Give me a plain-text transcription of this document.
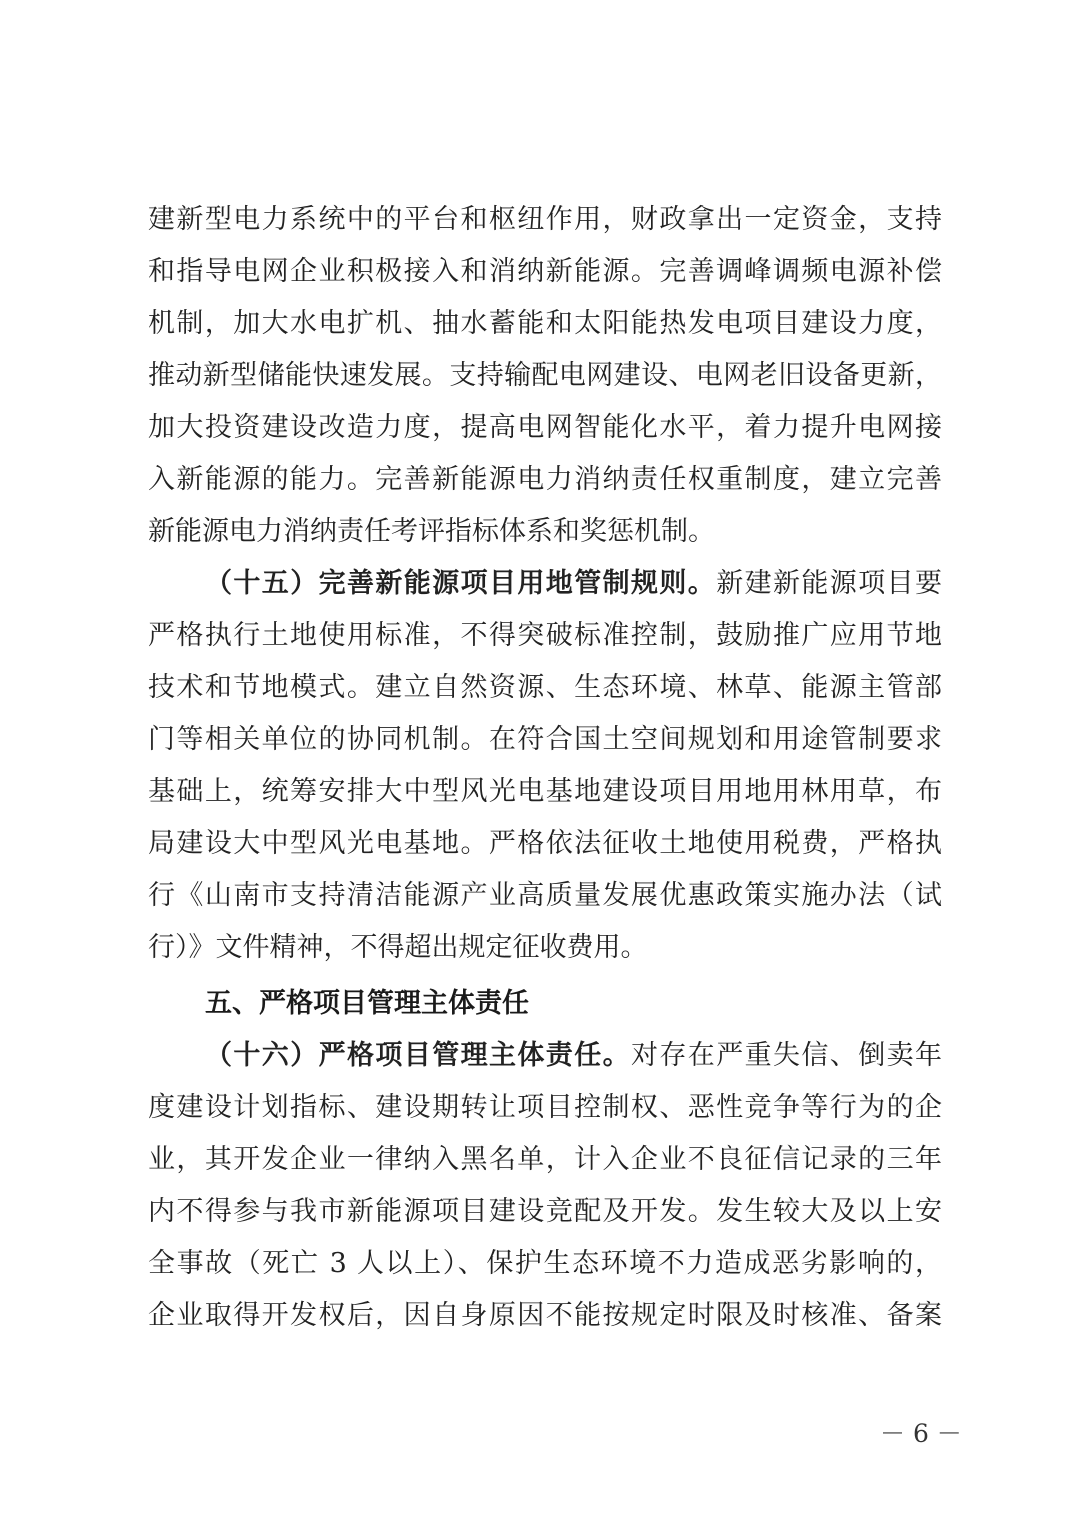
建新型电力系统中的平台和枢纽作用，财政拿出一定资金，支持
和指导电网企业积极接入和消纳新能源。完善调峰调频电源补偿
机制，加大水电扩机、抽水蓄能和太阳能热发电项目建设力度，
推动新型储能快速发展。支持输配电网建设、电网老旧设备更新，
加大投资建设改造力度，提高电网智能化水平，着力提升电网接
入新能源的能力。完善新能源电力消纳责任权重制度，建立完善
新能源电力消纳责任考评指标体系和奖惩机制。
（十五）完善新能源项目用地管制规则。新建新能源项目要
严格执行土地使用标准，不得突破标准控制，鼓励推广应用节地
技术和节地模式。建立自然资源、生态环境、林草、能源主管部
门等相关单位的协同机制。在符合国土空间规划和用途管制要求
基础上，统筹安排大中型风光电基地建设项目用地用林用草，布
局建设大中型风光电基地。严格依法征收土地使用税费，严格执
行《山南市支持清洁能源产业高质量发展优惠政策实施办法（试
行）》文件精神，不得超出规定征收费用。
五、严格项目管理主体责任
（十六）严格项目管理主体责任。对存在严重失信、倒卖年
度建设计划指标、建设期转让项目控制权、恶性竞争等行为的企
业，其开发企业一律纳入黑名单，计入企业不良征信记录的三年
内不得参与我市新能源项目建设竞配及开发。发生较大及以上安
全事故（死亡 3 人以上）、保护生态环境不力造成恶劣影响的，
企业取得开发权后，因自身原因不能按规定时限及时核准、备案
－ 6 －
